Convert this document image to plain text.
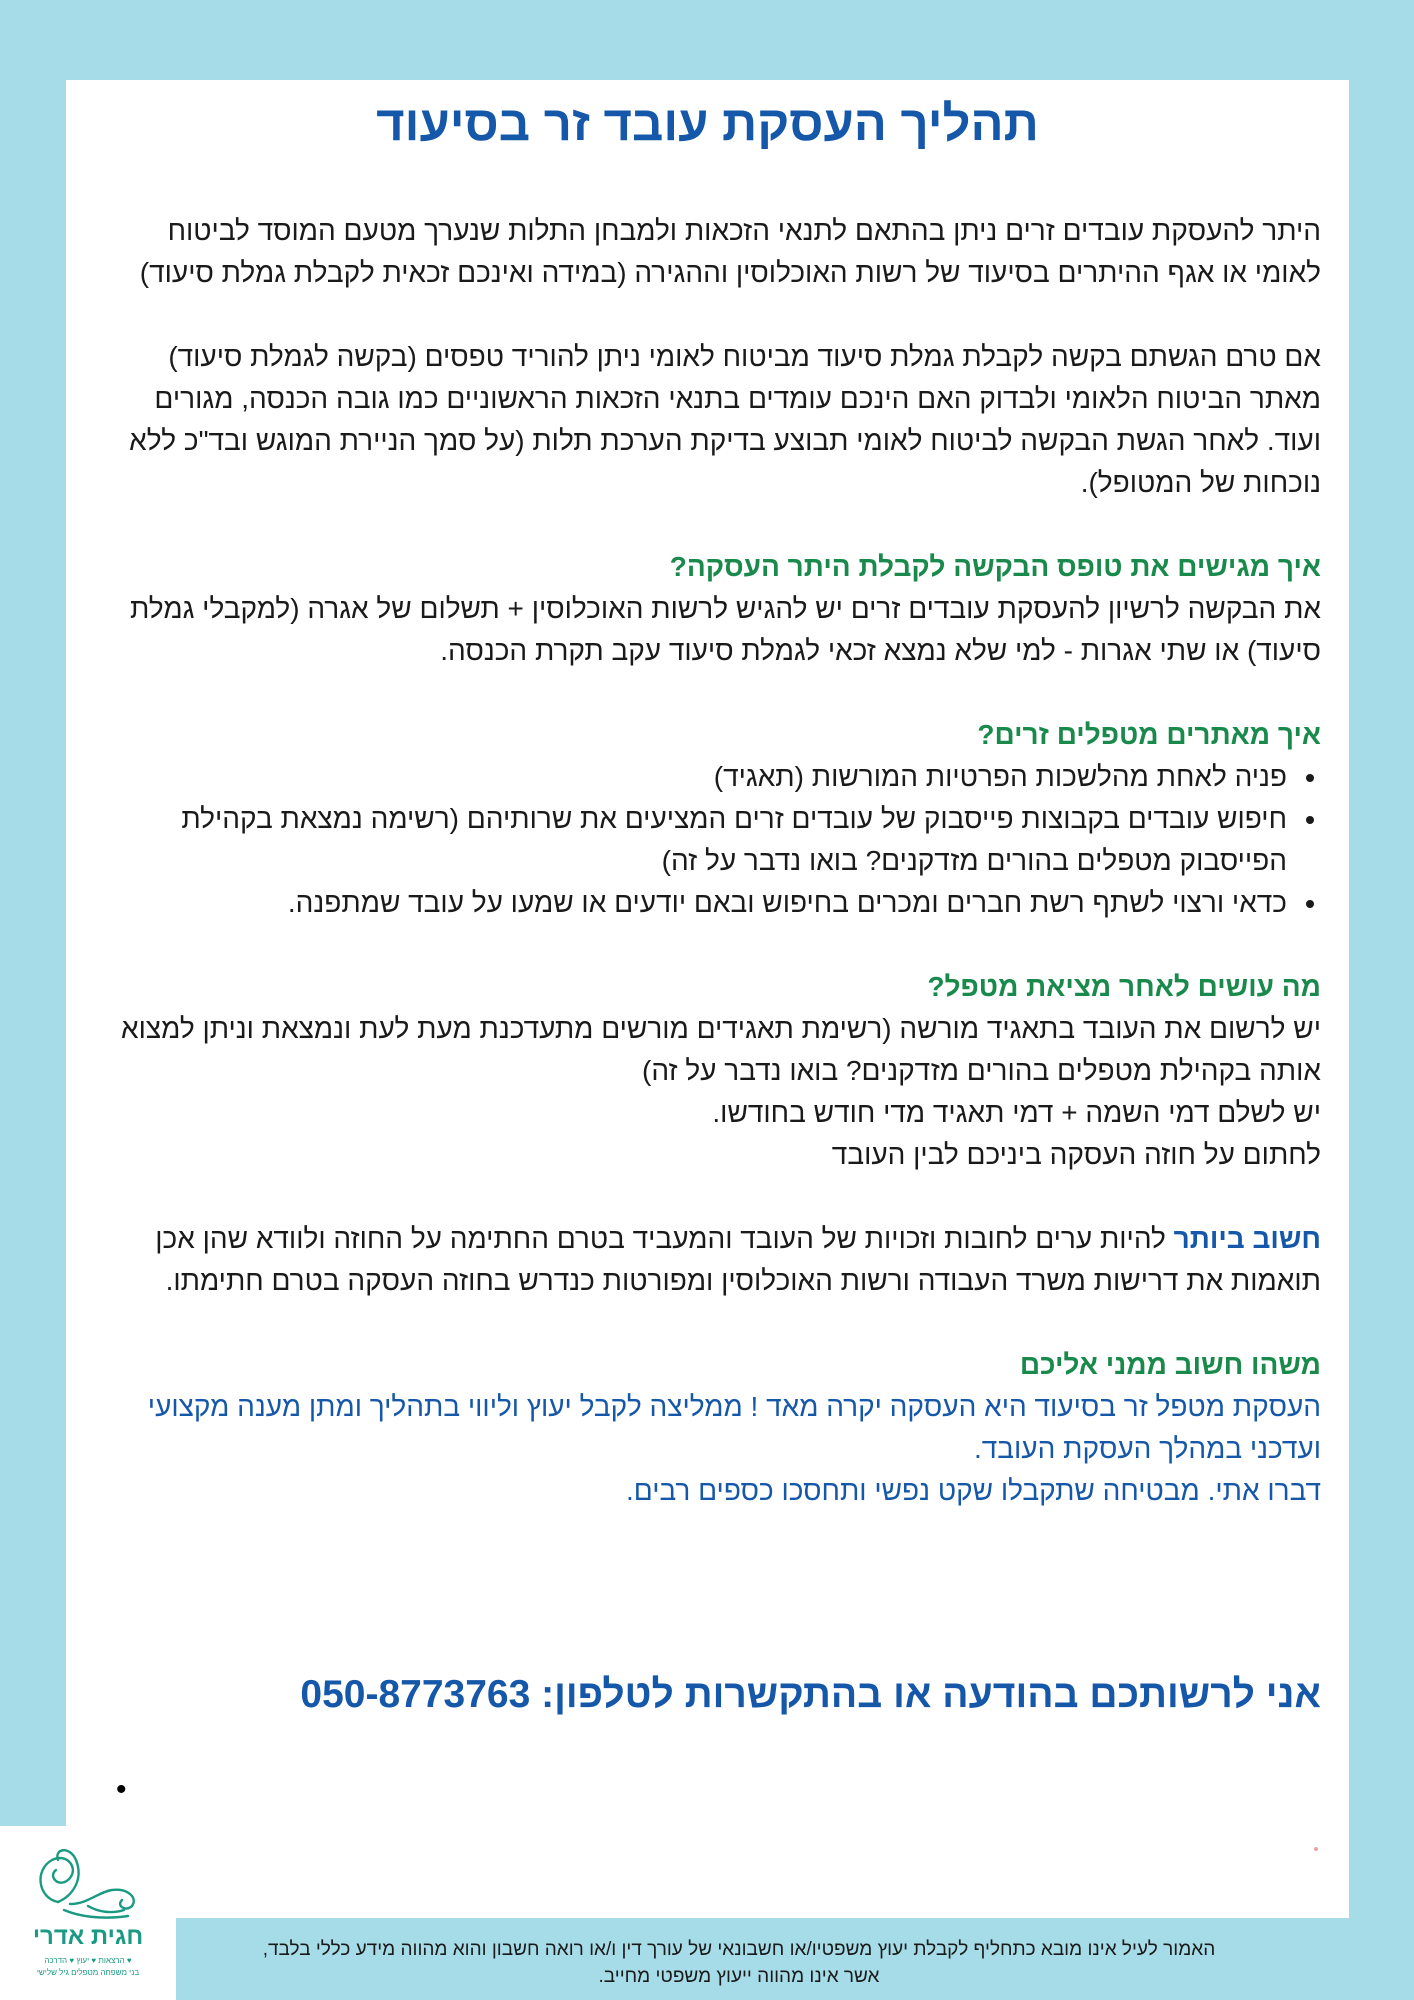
תהליך העסקת עובד זר בסיעוד

היתר להעסקת עובדים זרים ניתן בהתאם לתנאי הזכאות ולמבחן התלות שנערך מטעם המוסד לביטוח לאומי או אגף ההיתרים בסיעוד של רשות האוכלוסין וההגירה (במידה ואינכם זכאית לקבלת גמלת סיעוד)

אם טרם הגשתם בקשה לקבלת גמלת סיעוד מביטוח לאומי ניתן להוריד טפסים (בקשה לגמלת סיעוד) מאתר הביטוח הלאומי ולבדוק האם הינכם עומדים בתנאי הזכאות הראשוניים כמו גובה הכנסה, מגורים ועוד. לאחר הגשת הבקשה לביטוח לאומי תבוצע בדיקת הערכת תלות (על סמך הניירת המוגש ובד"כ ללא נוכחות של המטופל).

איך מגישים את טופס הבקשה לקבלת היתר העסקה?

את הבקשה לרשיון להעסקת עובדים זרים יש להגיש לרשות האוכלוסין + תשלום של אגרה (למקבלי גמלת סיעוד) או שתי אגרות - למי שלא נמצא זכאי לגמלת סיעוד עקב תקרת הכנסה.

איך מאתרים מטפלים זרים?

• פניה לאחת מהלשכות הפרטיות המורשות (תאגיד)
• חיפוש עובדים בקבוצות פייסבוק של עובדים זרים המציעים את שרותיהם (רשימה נמצאת בקהילת הפייסבוק מטפלים בהורים מזדקנים? בואו נדבר על זה)
• כדאי ורצוי לשתף רשת חברים ומכרים בחיפוש ובאם יודעים או שמעו על עובד שמתפנה.

מה עושים לאחר מציאת מטפל?

יש לרשום את העובד בתאגיד מורשה (רשימת תאגידים מורשים מתעדכנת מעת לעת ונמצאת וניתן למצוא אותה בקהילת מטפלים בהורים מזדקנים? בואו נדבר על זה)

יש לשלם דמי השמה + דמי תאגיד מדי חודש בחודשו.

לחתום על חוזה העסקה ביניכם לבין העובד

חשוב ביותר להיות ערים לחובות וזכויות של העובד והמעביד בטרם החתימה על החוזה ולוודא שהן אכן תואמות את דרישות משרד העבודה ורשות האוכלוסין ומפורטות כנדרש בחוזה העסקה בטרם חתימתו.

משהו חשוב ממני אליכם

העסקת מטפל זר בסיעוד היא העסקה יקרה מאד ! ממליצה לקבל יעוץ וליווי בתהליך ומתן מענה מקצועי ועדכני במהלך העסקת העובד.

דברו אתי. מבטיחה שתקבלו שקט נפשי ותחסכו כספים רבים.

אני לרשותכם בהודעה או בהתקשרות לטלפון: 050-8773763
•
חגית אדרי
♥ הרצאות ♥ יעוץ ♥ הדרכה
בני משפחה מטפלים גיל שלישי
האמור לעיל אינו מובא כתחליף לקבלת יעוץ משפטיו/או חשבונאי של עורך דין ו/או רואה חשבון והוא מהווה מידע כללי בלבד,
אשר אינו מהווה ייעוץ משפטי מחייב.
